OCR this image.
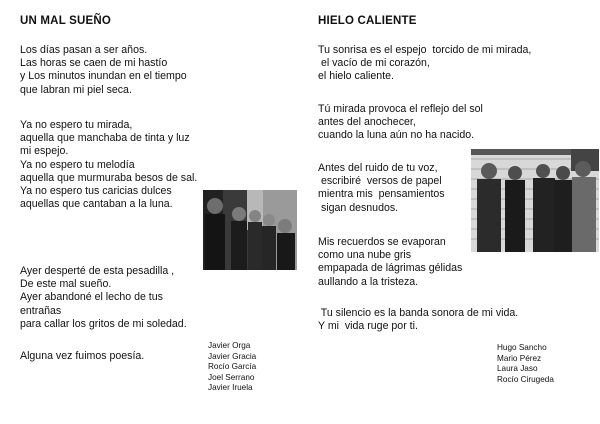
UN MAL SUEÑO
Los días pasan a ser años.
Las horas se caen de mi hastío
y Los minutos inundan en el tiempo
que labran mi piel seca.
Ya no espero tu mirada,
aquella que manchaba de tinta y luz
mi espejo.
Ya no espero tu melodía
aquella que murmuraba besos de sal.
Ya no espero tus caricias dulces
aquellas que cantaban a la luna.
Ayer desperté de esta pesadilla ,
De este mal sueño.
Ayer abandoné el lecho de tus
entrañas
para callar los gritos de mi soledad.
Alguna vez fuimos poesía.
Javier Orga
Javier Gracia
Rocío García
Joel Serrano
Javier Iruela
HIELO CALIENTE
Tu sonrisa es el espejo  torcido de mi mirada,
el vacío de mi corazón,
el hielo caliente.
Tú mirada provoca el reflejo del sol
antes del anochecer,
cuando la luna aún no ha nacido.
Antes del ruido de tu voz,
escribiré  versos de papel
mientra mis  pensamientos
sigan desnudos.
Mis recuerdos se evaporan
como una nube gris
empapada de lágrimas gélidas
aullando a la tristeza.
Tu silencio es la banda sonora de mi vida.
Y mi  vida ruge por ti.
Hugo Sancho
Mario Pérez
Laura Jaso
Rocío Cirugeda
